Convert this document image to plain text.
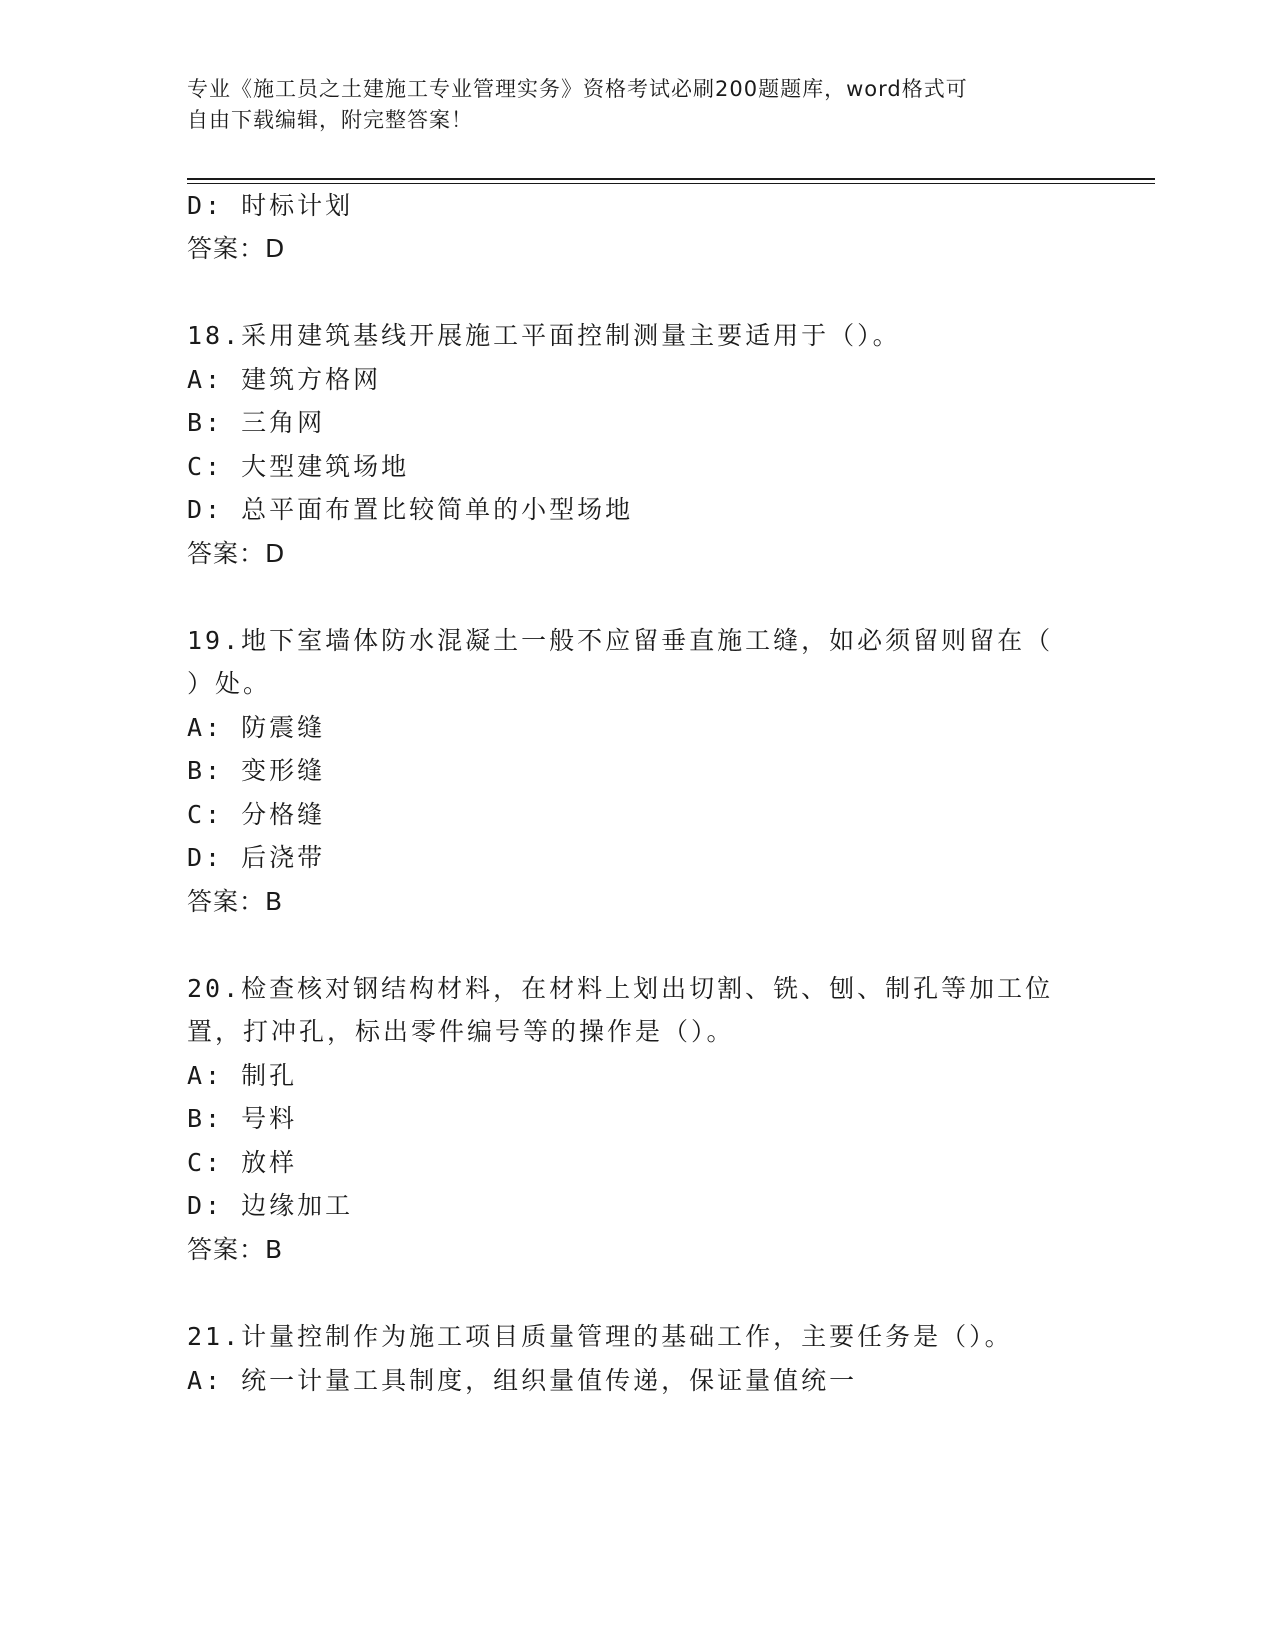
专业《施工员之土建施工专业管理实务》资格考试必刷200题题库，word格式可
自由下载编辑，附完整答案！
D: 时标计划
答案：D
18.采用建筑基线开展施工平面控制测量主要适用于（）。
A: 建筑方格网
B: 三角网
C: 大型建筑场地
D: 总平面布置比较简单的小型场地
答案：D
19.地下室墙体防水混凝土一般不应留垂直施工缝，如必须留则留在（
）处。
A: 防震缝
B: 变形缝
C: 分格缝
D: 后浇带
答案：B
20.检查核对钢结构材料，在材料上划出切割、铣、刨、制孔等加工位
置，打冲孔，标出零件编号等的操作是（）。
A: 制孔
B: 号料
C: 放样
D: 边缘加工
答案：B
21.计量控制作为施工项目质量管理的基础工作，主要任务是（）。
A: 统一计量工具制度，组织量值传递，保证量值统一
